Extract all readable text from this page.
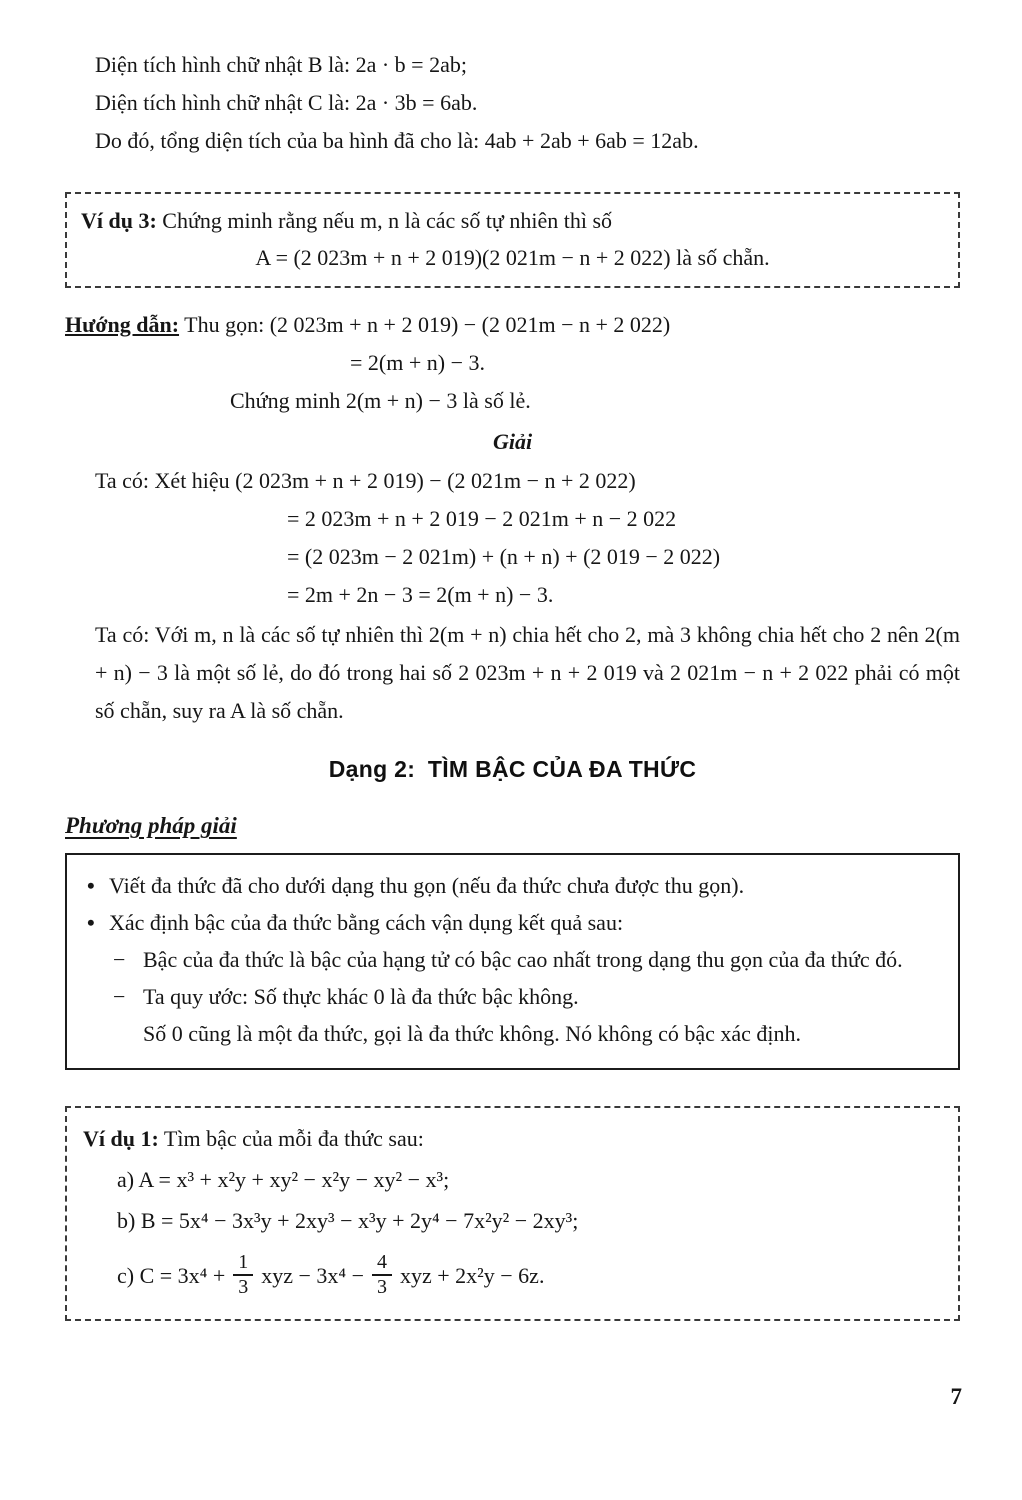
Diện tích hình chữ nhật B là: 2a · b = 2ab;

Diện tích hình chữ nhật C là: 2a · 3b = 6ab.

Do đó, tổng diện tích của ba hình đã cho là: 4ab + 2ab + 6ab = 12ab.

Ví dụ 3: Chứng minh rằng nếu m, n là các số tự nhiên thì số

A = (2 023m + n + 2 019)(2 021m − n + 2 022) là số chẵn.

Hướng dẫn: Thu gọn: (2 023m + n + 2 019) − (2 021m − n + 2 022)

= 2(m + n) − 3.

Chứng minh 2(m + n) − 3 là số lẻ.

Giải

Ta có: Xét hiệu (2 023m + n + 2 019) − (2 021m − n + 2 022)

= 2 023m + n + 2 019 − 2 021m + n − 2 022

= (2 023m − 2 021m) + (n + n) + (2 019 − 2 022)

= 2m + 2n − 3 = 2(m + n) − 3.

Ta có: Với m, n là các số tự nhiên thì 2(m + n) chia hết cho 2, mà 3 không chia hết cho 2 nên 2(m + n) − 3 là một số lẻ, do đó trong hai số 2 023m + n + 2 019 và 2 021m − n + 2 022 phải có một số chẵn, suy ra A là số chẵn.

Dạng 2: TÌM BẬC CỦA ĐA THỨC

Phương pháp giải

• Viết đa thức đã cho dưới dạng thu gọn (nếu đa thức chưa được thu gọn).
• Xác định bậc của đa thức bằng cách vận dụng kết quả sau:
− Bậc của đa thức là bậc của hạng tử có bậc cao nhất trong dạng thu gọn của đa thức đó.
− Ta quy ước: Số thực khác 0 là đa thức bậc không.

Số 0 cũng là một đa thức, gọi là đa thức không. Nó không có bậc xác định.

Ví dụ 1: Tìm bậc của mỗi đa thức sau:

a) A = x³ + x²y + xy² − x²y − xy² − x³;

b) B = 5x⁴ − 3x³y + 2xy³ − x³y + 2y⁴ − 7x²y² − 2xy³;

c) $C = 3x^4 + \frac{1}{3}$ xyz − $3x^4 - \frac{4}{3}$ xyz + 2x²y − 6z.

7
